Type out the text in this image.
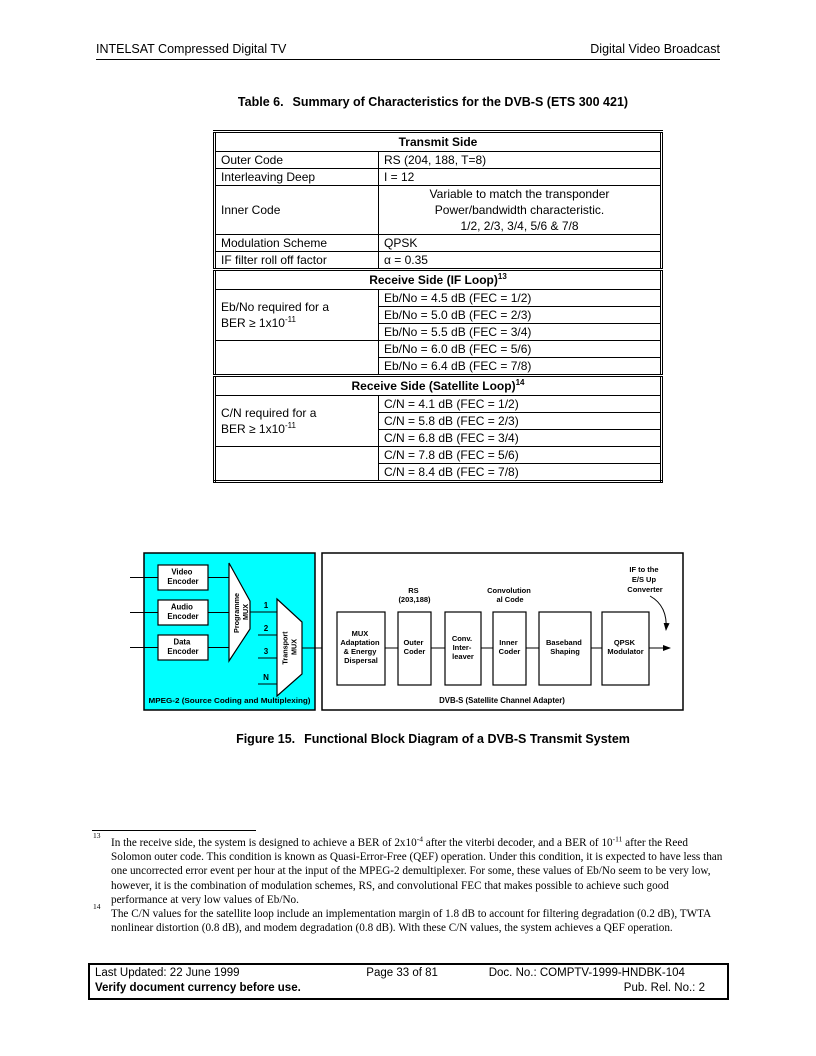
INTELSAT Compressed Digital TV	Digital Video Broadcast
Table 6. Summary of Characteristics for the DVB-S (ETS 300 421)
Transmit Side	
Outer Code	RS (204, 188, T=8)
Interleaving Deep	I = 12
Inner Code	Variable to match the transponder
Power/bandwidth characteristic.
1/2, 2/3, 3/4, 5/6 & 7/8

Modulation Scheme	QPSK
IF filter roll off factor	α = 0.35
Receive Side (IF Loop)$^{13}$
Eb/No required for a
BER ≥ $1x10^{-11}$	Eb/No = 4.5 dB (FEC = 1/2)
	Eb/No = 5.0 dB (FEC = 2/3)
	Eb/No = 5.5 dB (FEC = 3/4)
	Eb/No = 6.0 dB (FEC = 5/6)
	Eb/No = 6.4 dB (FEC = 7/8)
Receive Side (Satellite Loop)$^{14}$
C/N required for a
BER ≥ $1x10^{-11}$	C/N = 4.1 dB (FEC = 1/2)
	C/N = 5.8 dB (FEC = 2/3)
	C/N = 6.8 dB (FEC = 3/4)
	C/N = 7.8 dB (FEC = 5/6)
	C/N = 8.4 dB (FEC = 7/8)
Video Encoder
Audio Encoder
Data Encoder
Programme MUX 1
2
3
N
Transport MUX
MPEG-2 (Source Coding and Multiplexing)
MUX Adaptation & Energy Dispersal
Outer Coder
Conv. Inter- leaver
Inner Coder
Baseband Shaping
QPSK Modulator
RS (203,188)
Convolution al Code
IF to the E/S Up Converter
DVB-S (Satellite Channel Adapter)
Figure 15. Functional Block Diagram of a DVB-S Transmit System
13
In the receive side, the system is designed to achieve a BER of $2x10^{-4}$ after the viterbi decoder, and a BER of $10^{-11}$ after the Reed Solomon outer code. This condition is known as Quasi-Error-Free (QEF) operation. Under this condition, it is expected to have less than one uncorrected error event per hour at the input of the MPEG-2 demultiplexer. For some, these values of Eb/No seem to be very low, however, it is the combination of modulation schemes, RS, and convolutional FEC that makes possible to achieve such good performance at very low values of Eb/No.
14
The C/N values for the satellite loop include an implementation margin of 1.8 dB to account for filtering degradation (0.2 dB), TWTA nonlinear distortion (0.8 dB), and modem degradation (0.8 dB). With these C/N values, the system achieves a QEF operation.
Last Updated: 22 June 1999	Page 33 of 81	Doc. No.: COMPTV-1999-HNDBK-104
Verify document currency before use.	Pub. Rel. No.: 2
